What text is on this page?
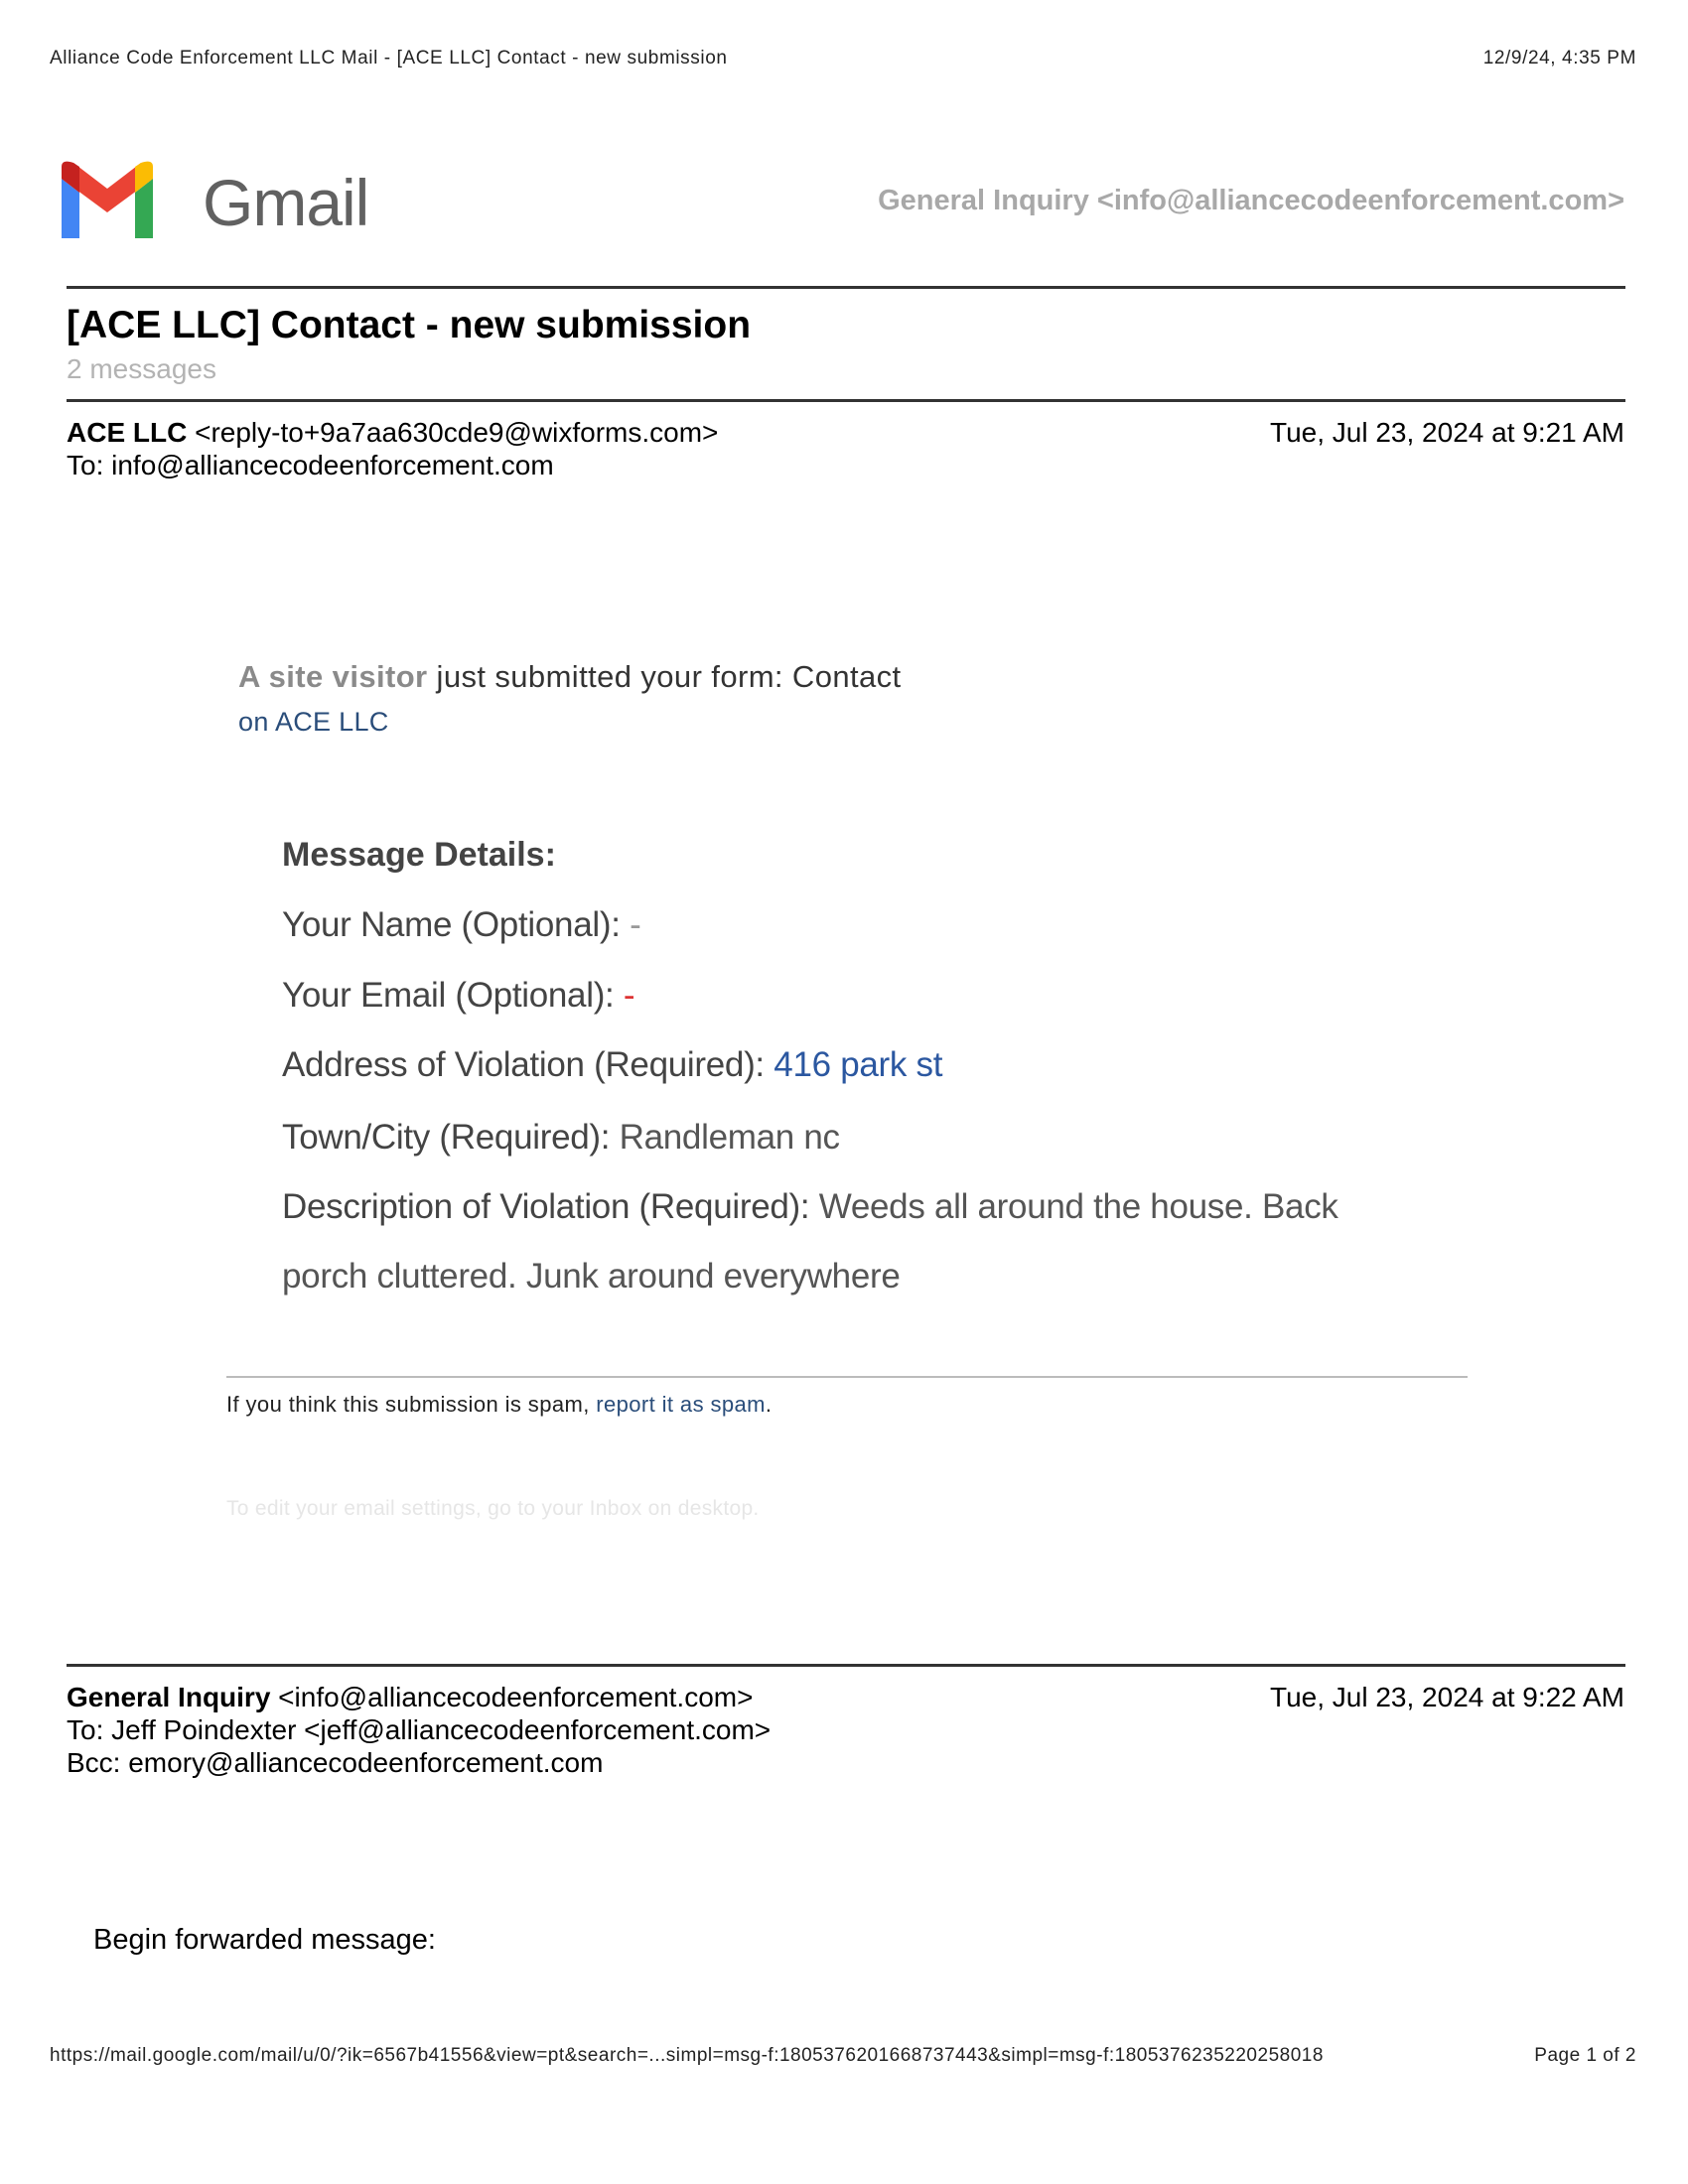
Alliance Code Enforcement LLC Mail - [ACE LLC] Contact - new submission	12/9/24, 4:35 PM
Gmail	General Inquiry <info@alliancecodeenforcement.com>
[ACE LLC] Contact - new submission
2 messages
ACE LLC <reply-to+9a7aa630cde9@wixforms.com>
To: info@alliancecodeenforcement.com
Tue, Jul 23, 2024 at 9:21 AM
A site visitor just submitted your form: Contact
on ACE LLC
Message Details:
Your Name (Optional): -
Your Email (Optional): -
Address of Violation (Required): 416 park st
Town/City (Required): Randleman nc
Description of Violation (Required): Weeds all around the house. Back
porch cluttered. Junk around everywhere
If you think this submission is spam, report it as spam.
To edit your email settings, go to your Inbox on desktop.
General Inquiry <info@alliancecodeenforcement.com>
To: Jeff Poindexter <jeff@alliancecodeenforcement.com>
Bcc: emory@alliancecodeenforcement.com
Tue, Jul 23, 2024 at 9:22 AM
Begin forwarded message:
https://mail.google.com/mail/u/0/?ik=6567b41556&view=pt&search=...simpl=msg-f:1805376201668737443&simpl=msg-f:1805376235220258018	Page 1 of 2
